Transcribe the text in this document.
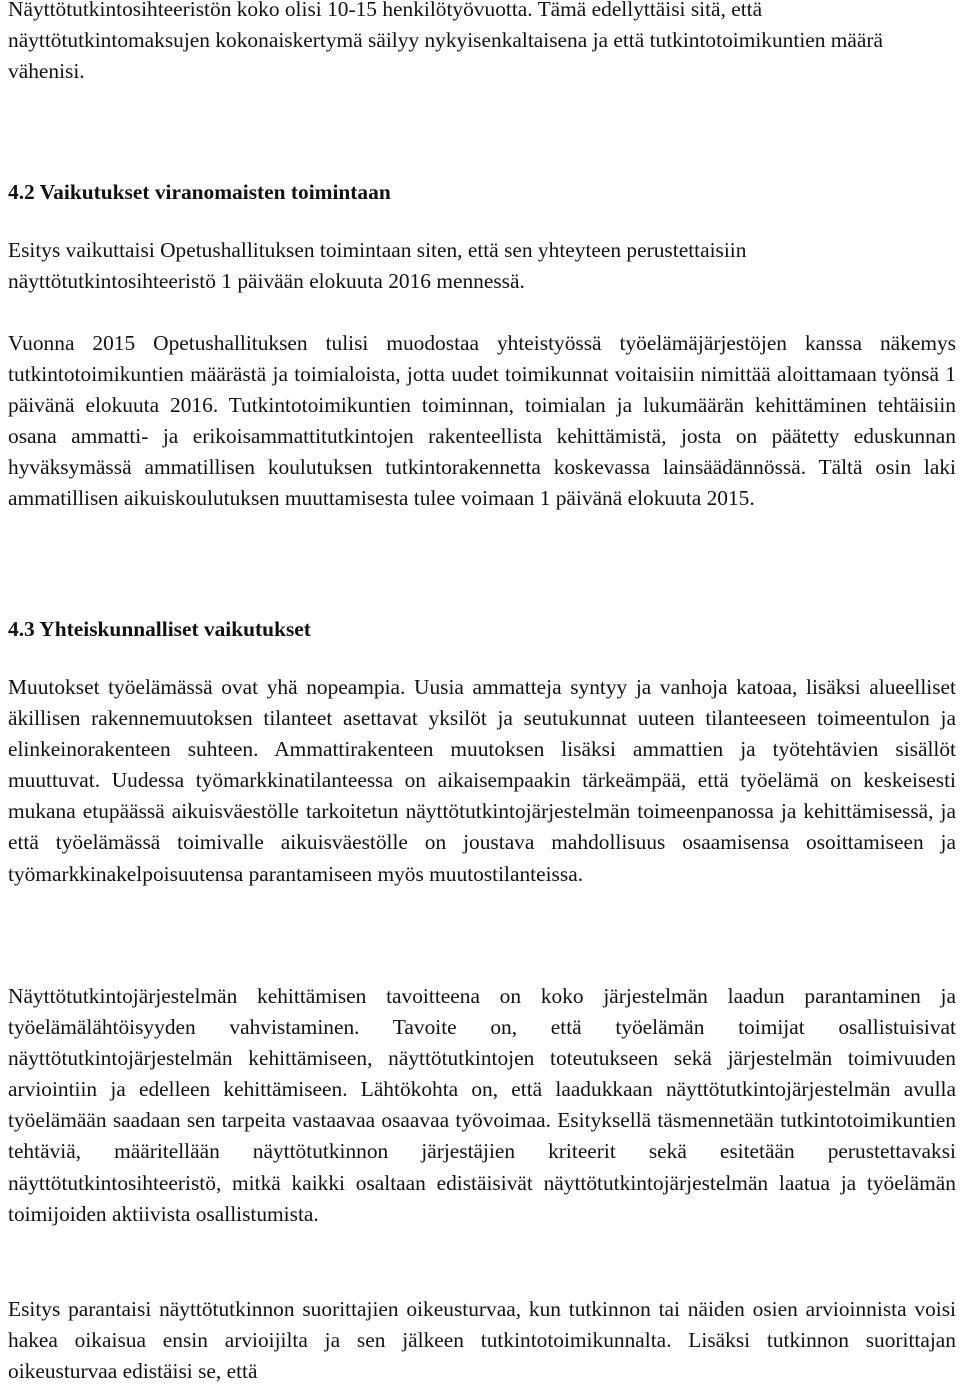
Näyttötutkintosihteeristön koko olisi 10-15 henkilötyövuotta. Tämä edellyttäisi sitä, että näyttötutkintomaksujen kokonaiskertymä säilyy nykyisenkaltaisena ja että tutkintotoimikuntien määrä vähenisi.

4.2 Vaikutukset viranomaisten toimintaan

Esitys vaikuttaisi Opetushallituksen toimintaan siten, että sen yhteyteen perustettaisiin näyttötutkintosihteeristö 1 päivään elokuuta 2016 mennessä.

Vuonna 2015 Opetushallituksen tulisi muodostaa yhteistyössä työelämäjärjestöjen kanssa näkemys tutkintotoimikuntien määrästä ja toimialoista, jotta uudet toimikunnat voitaisiin nimittää aloittamaan työnsä 1 päivänä elokuuta 2016. Tutkintotoimikuntien toiminnan, toimialan ja lukumäärän kehittäminen tehtäisiin osana ammatti- ja erikoisammattitutkintojen rakenteellista kehittämistä, josta on päätetty eduskunnan hyväksymässä ammatillisen koulutuksen tutkintorakennetta koskevassa lainsäädännössä. Tältä osin laki ammatillisen aikuiskoulutuksen muuttamisesta tulee voimaan 1 päivänä elokuuta 2015.

4.3 Yhteiskunnalliset vaikutukset

Muutokset työelämässä ovat yhä nopeampia. Uusia ammatteja syntyy ja vanhoja katoaa, lisäksi alueelliset äkillisen rakennemuutoksen tilanteet asettavat yksilöt ja seutukunnat uuteen tilanteeseen toimeentulon ja elinkeinorakenteen suhteen. Ammattirakenteen muutoksen lisäksi ammattien ja työtehtävien sisällöt muuttuvat. Uudessa työmarkkinatilanteessa on aikaisempaakin tärkeämpää, että työelämä on keskeisesti mukana etupäässä aikuisväestölle tarkoitetun näyttötutkintojärjestelmän toimeenpanossa ja kehittämisessä, ja että työelämässä toimivalle aikuisväestölle on joustava mahdollisuus osaamisensa osoittamiseen ja työmarkkinakelpoisuutensa parantamiseen myös muutostilanteissa.

Näyttötutkintojärjestelmän kehittämisen tavoitteena on koko järjestelmän laadun parantaminen ja työelämälähtöisyyden vahvistaminen. Tavoite on, että työelämän toimijat osallistuisivat näyttötutkintojärjestelmän kehittämiseen, näyttötutkintojen toteutukseen sekä järjestelmän toimivuuden arviointiin ja edelleen kehittämiseen. Lähtökohta on, että laadukkaan näyttötutkintojärjestelmän avulla työelämään saadaan sen tarpeita vastaavaa osaavaa työvoimaa. Esityksellä täsmennetään tutkintotoimikuntien tehtäviä, määritellään näyttötutkinnon järjestäjien kriteerit sekä esitetään perustettavaksi näyttötutkintosihteeristö, mitkä kaikki osaltaan edistäisivät näyttötutkintojärjestelmän laatua ja työelämän toimijoiden aktiivista osallistumista.

Esitys parantaisi näyttötutkinnon suorittajien oikeusturvaa, kun tutkinnon tai näiden osien arvioinnista voisi hakea oikaisua ensin arvioijilta ja sen jälkeen tutkintotoimikunnalta. Lisäksi tutkinnon suorittajan oikeusturvaa edistäisi se, että
